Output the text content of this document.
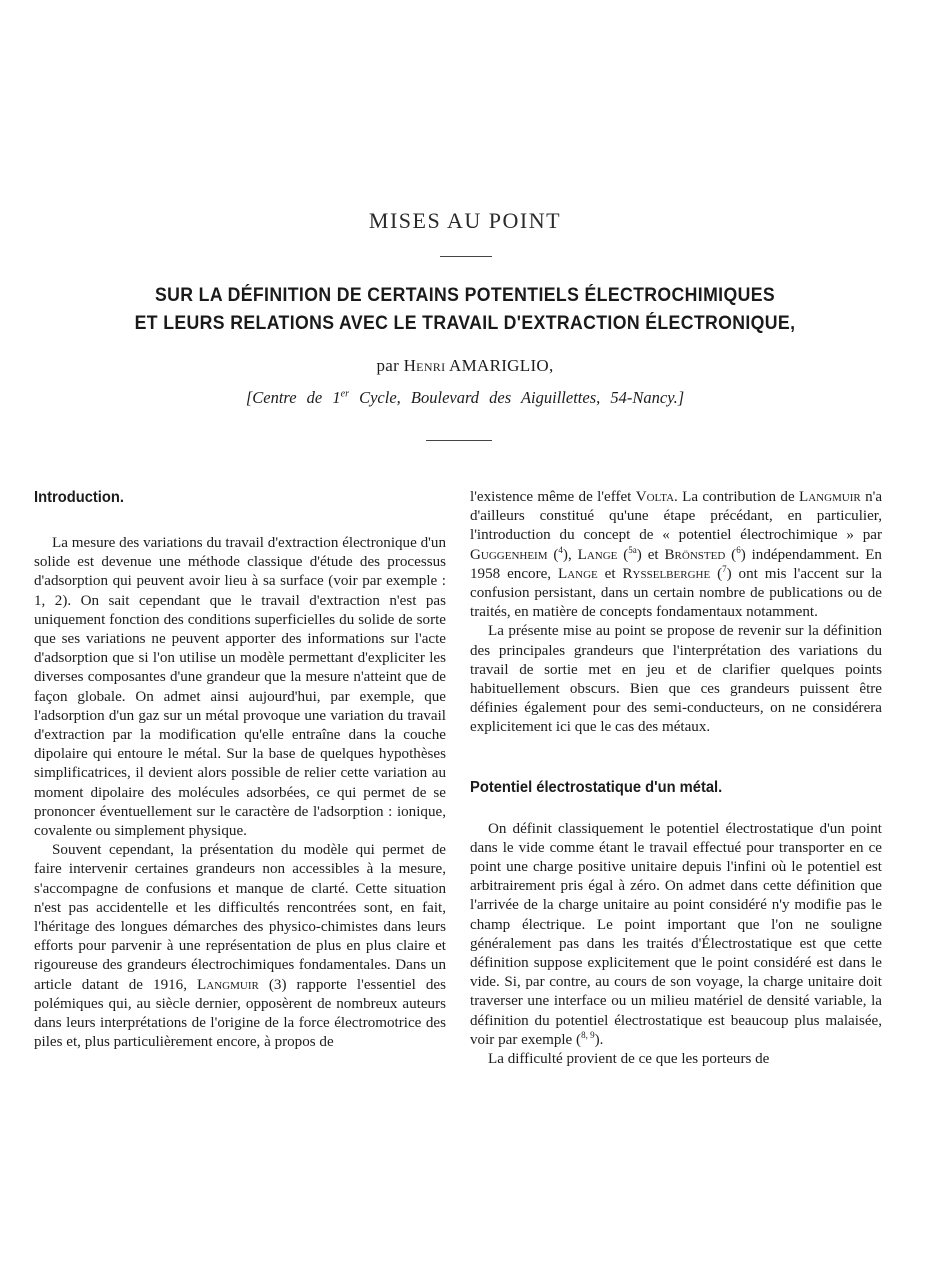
MISES AU POINT
SUR LA DÉFINITION DE CERTAINS POTENTIELS ÉLECTROCHIMIQUES
ET LEURS RELATIONS AVEC LE TRAVAIL D'EXTRACTION ÉLECTRONIQUE,
par Henri AMARIGLIO,
[Centre de 1er Cycle, Boulevard des Aiguillettes, 54-Nancy.]
Introduction.

La mesure des variations du travail d'extraction électronique d'un solide est devenue une méthode classique d'étude des processus d'adsorption qui peuvent avoir lieu à sa surface (voir par exemple : 1, 2). On sait cependant que le travail d'extraction n'est pas uniquement fonction des conditions superficielles du solide de sorte que ses variations ne peuvent apporter des informations sur l'acte d'adsorption que si l'on utilise un modèle permettant d'expliciter les diverses composantes d'une grandeur que la mesure n'atteint que de façon globale. On admet ainsi aujourd'hui, par exemple, que l'adsorption d'un gaz sur un métal provoque une variation du travail d'extraction par la modification qu'elle entraîne dans la couche dipolaire qui entoure le métal. Sur la base de quelques hypothèses simplificatrices, il devient alors possible de relier cette variation au moment dipolaire des molécules adsorbées, ce qui permet de se prononcer éventuellement sur le caractère de l'adsorption : ionique, covalente ou simplement physique.

Souvent cependant, la présentation du modèle qui permet de faire intervenir certaines grandeurs non accessibles à la mesure, s'accompagne de confusions et manque de clarté. Cette situation n'est pas accidentelle et les difficultés rencontrées sont, en fait, l'héritage des longues démarches des physico-chimistes dans leurs efforts pour parvenir à une représentation de plus en plus claire et rigoureuse des grandeurs électrochimiques fondamentales. Dans un article datant de 1916, Langmuir (3) rapporte l'essentiel des polémiques qui, au siècle dernier, opposèrent de nombreux auteurs dans leurs interprétations de l'origine de la force électromotrice des piles et, plus particulièrement encore, à propos de

l'existence même de l'effet Volta. La contribution de Langmuir n'a d'ailleurs constitué qu'une étape précédant, en particulier, l'introduction du concept de « potentiel électrochimique » par Guggenheim ($^4$), Lange ($^{5a}$) et Brönsted ($^6$) indépendamment. En 1958 encore, Lange et Rysselberghe ($^7$) ont mis l'accent sur la confusion persistant, dans un certain nombre de publications ou de traités, en matière de concepts fondamentaux notamment.

La présente mise au point se propose de revenir sur la définition des principales grandeurs que l'interprétation des variations du travail de sortie met en jeu et de clarifier quelques points habituellement obscurs. Bien que ces grandeurs puissent être définies également pour des semi-conducteurs, on ne considérera explicitement ici que le cas des métaux.

Potentiel électrostatique d'un métal.

On définit classiquement le potentiel électrostatique d'un point dans le vide comme étant le travail effectué pour transporter en ce point une charge positive unitaire depuis l'infini où le potentiel est arbitrairement pris égal à zéro. On admet dans cette définition que l'arrivée de la charge unitaire au point considéré n'y modifie pas le champ électrique. Le point important que l'on ne souligne généralement pas dans les traités d'Électrostatique est que cette définition suppose explicitement que le point considéré est dans le vide. Si, par contre, au cours de son voyage, la charge unitaire doit traverser une interface ou un milieu matériel de densité variable, la définition du potentiel électrostatique est beaucoup plus malaisée, voir par exemple ($^{8, 9}$).

La difficulté provient de ce que les porteurs de
